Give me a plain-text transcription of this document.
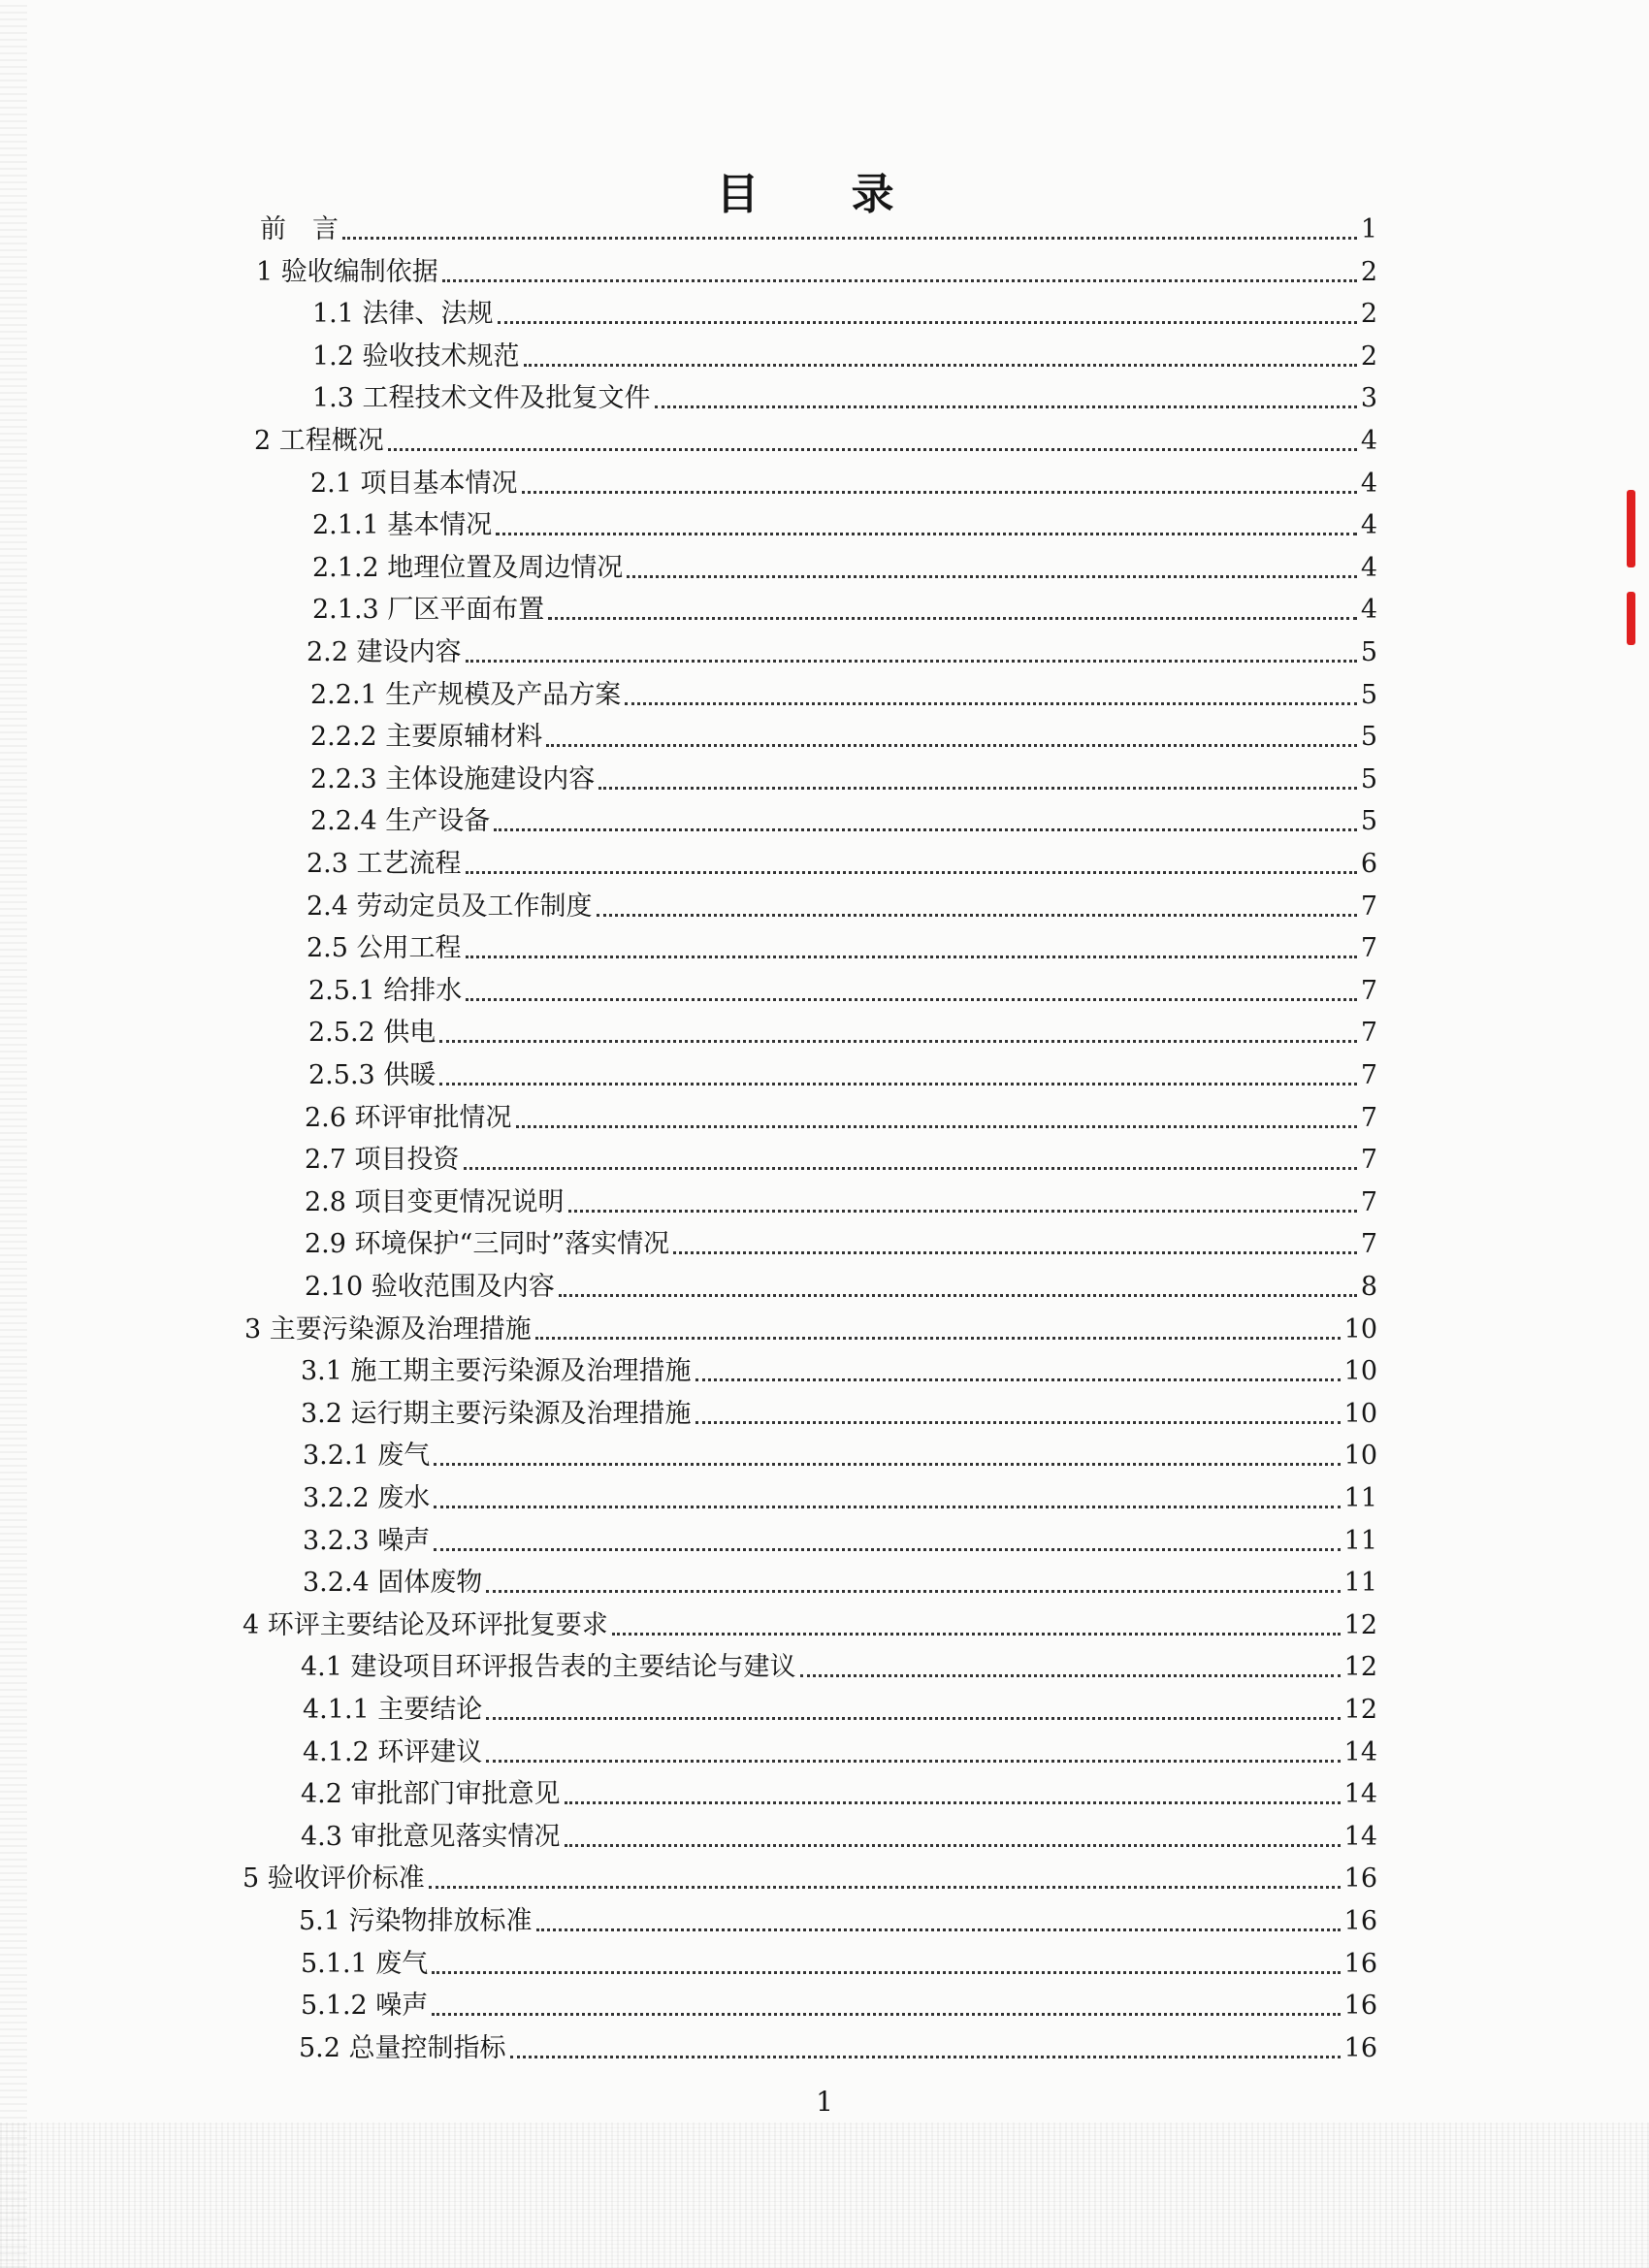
目 录
前　言	1
1 验收编制依据	2
1.1 法律、法规	2
1.2 验收技术规范	2
1.3 工程技术文件及批复文件	3
2 工程概况	4
2.1 项目基本情况	4
2.1.1 基本情况	4
2.1.2 地理位置及周边情况	4
2.1.3 厂区平面布置	4
2.2 建设内容	5
2.2.1 生产规模及产品方案	5
2.2.2 主要原辅材料	5
2.2.3 主体设施建设内容	5
2.2.4 生产设备	5
2.3 工艺流程	6
2.4 劳动定员及工作制度	7
2.5 公用工程	7
2.5.1 给排水	7
2.5.2 供电	7
2.5.3 供暖	7
2.6 环评审批情况	7
2.7 项目投资	7
2.8 项目变更情况说明	7
2.9 环境保护“三同时”落实情况	7
2.10 验收范围及内容	8
3 主要污染源及治理措施	10
3.1 施工期主要污染源及治理措施	10
3.2 运行期主要污染源及治理措施	10
3.2.1 废气	10
3.2.2 废水	11
3.2.3 噪声	11
3.2.4 固体废物	11
4 环评主要结论及环评批复要求	12
4.1 建设项目环评报告表的主要结论与建议	12
4.1.1 主要结论	12
4.1.2 环评建议	14
4.2 审批部门审批意见	14
4.3 审批意见落实情况	14
5 验收评价标准	16
5.1 污染物排放标准	16
5.1.1 废气	16
5.1.2 噪声	16
5.2 总量控制指标	16
1
